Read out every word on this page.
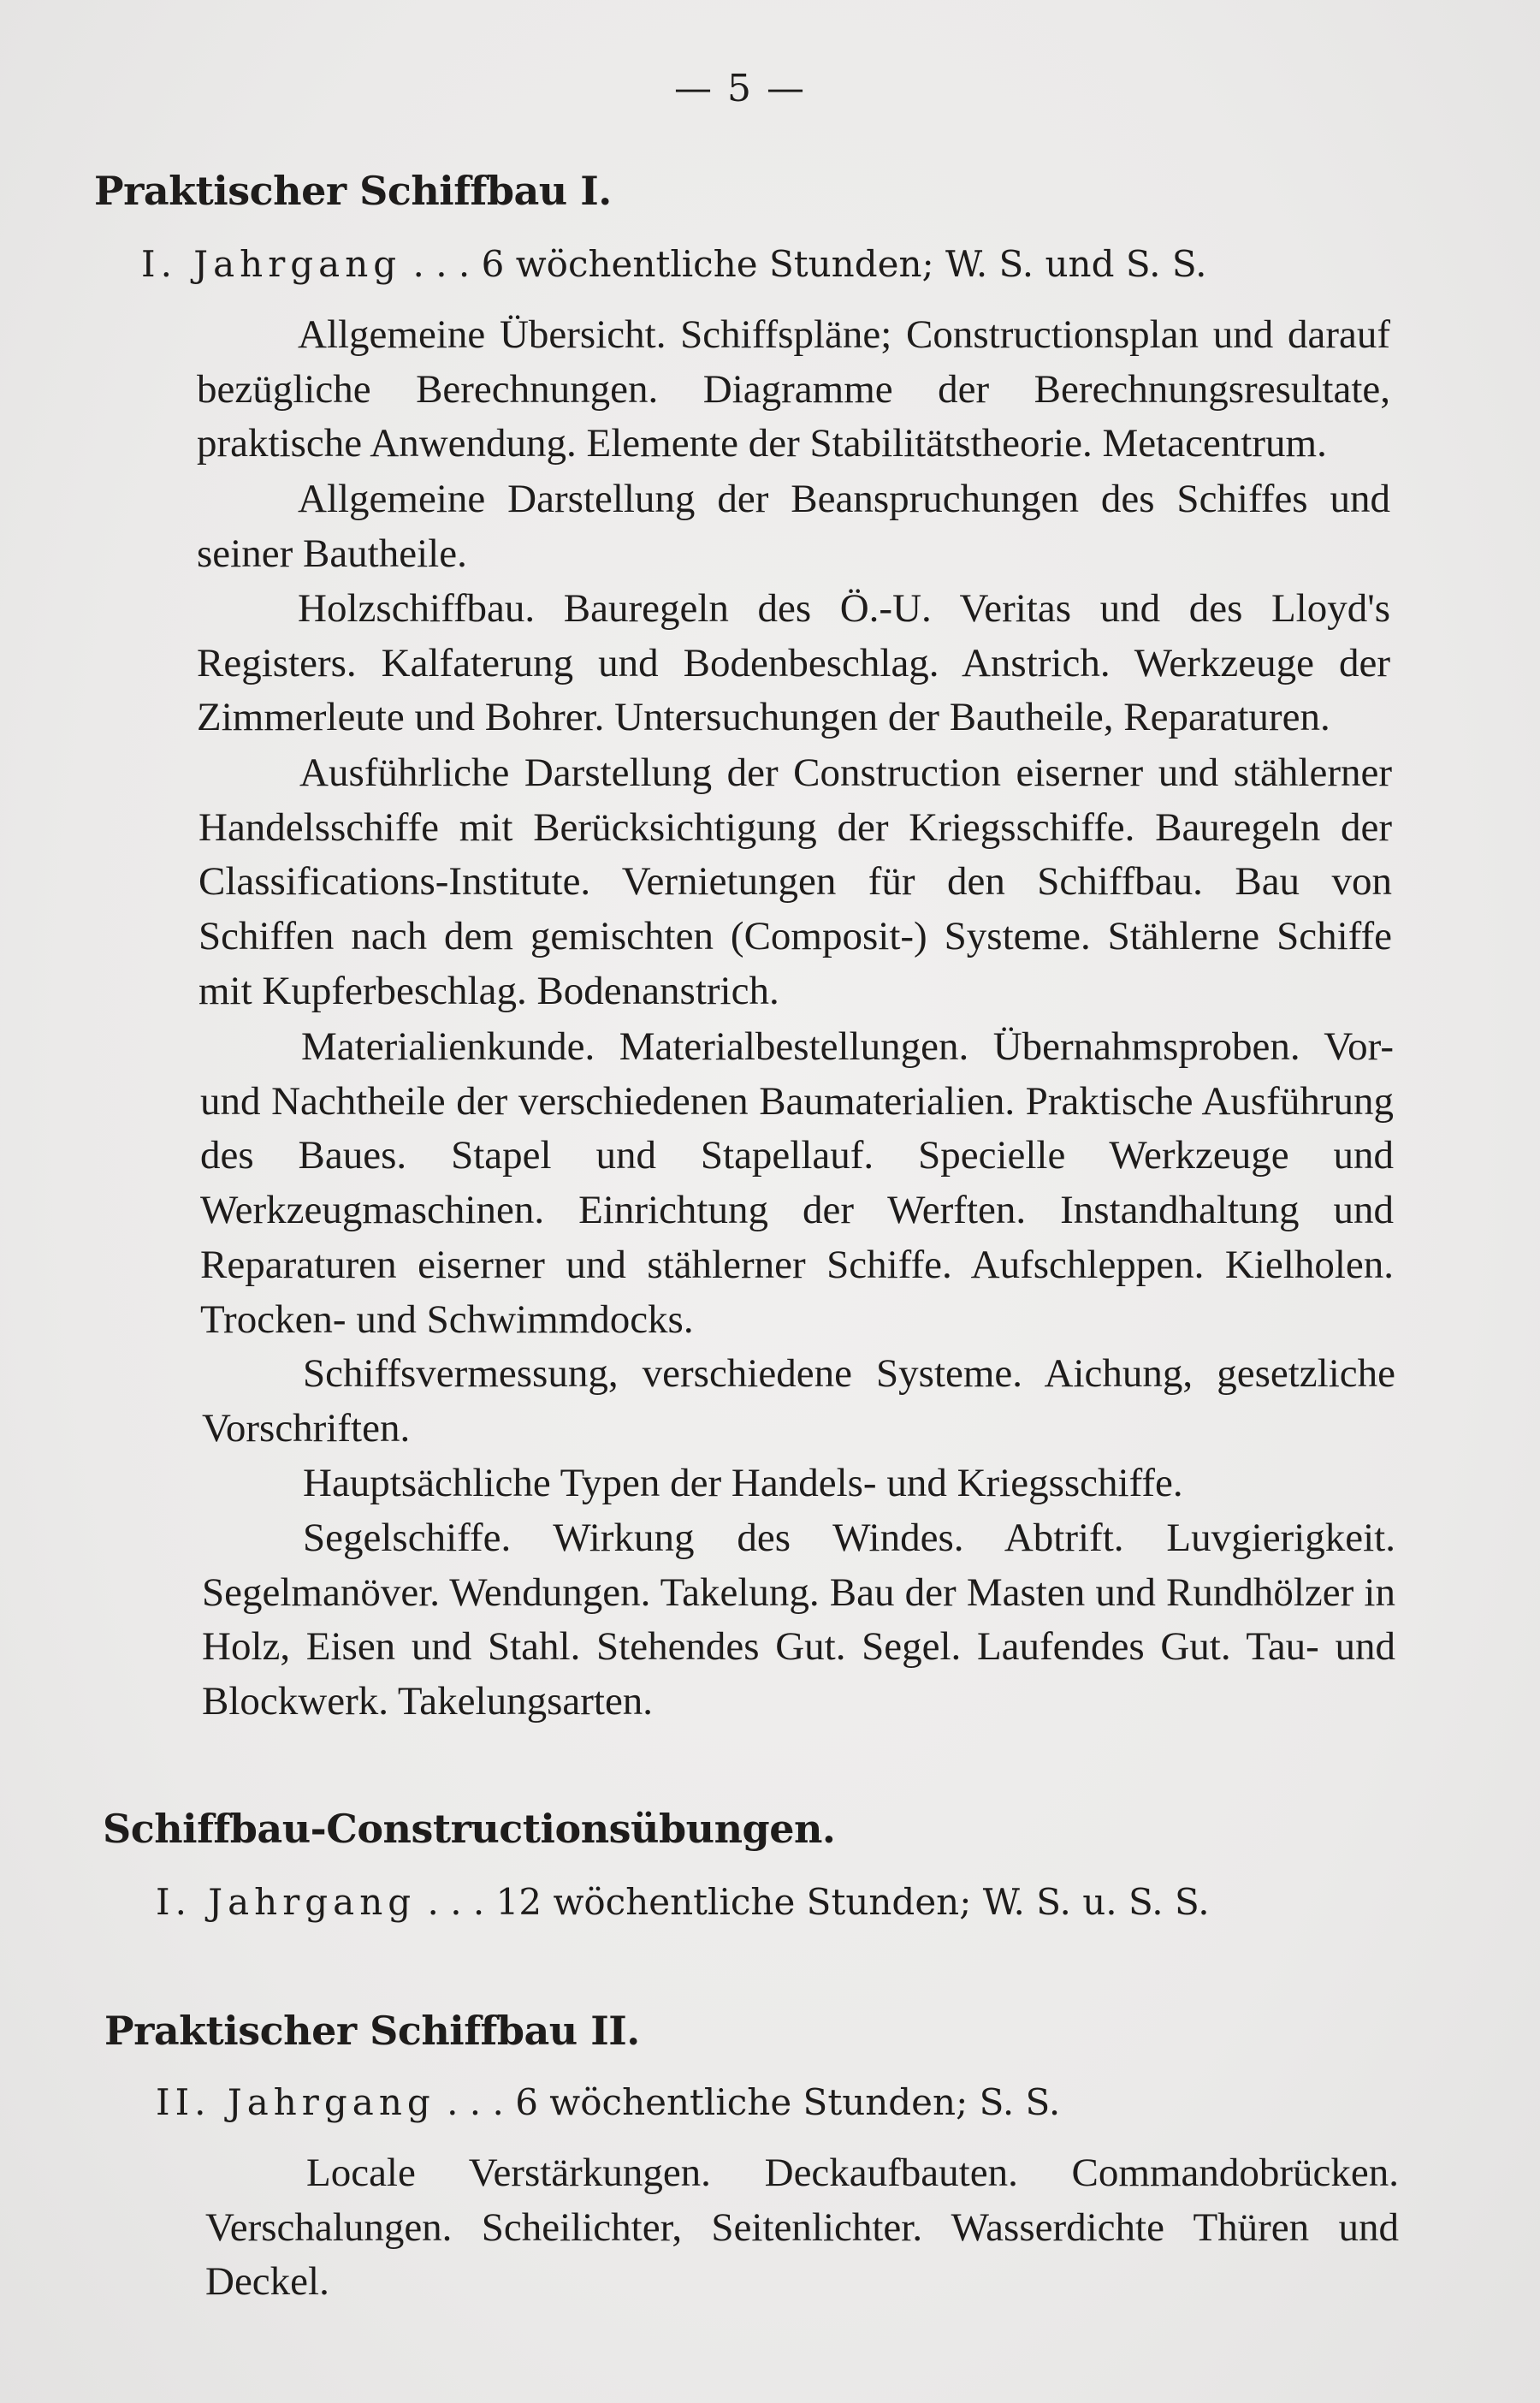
— 5 —
Praktischer Schiffbau I.
I. Jahrgang . . . 6 wöchentliche Stunden; W. S. und S. S.

Allgemeine Übersicht. Schiffspläne; Constructionsplan und darauf bezügliche Berechnungen. Diagramme der Berechnungsresultate, praktische Anwendung. Elemente der Stabilitätstheorie. Metacentrum.

Allgemeine Darstellung der Beanspruchungen des Schiffes und seiner Bautheile.

Holzschiffbau. Bauregeln des Ö.-U. Veritas und des Lloyd's Registers. Kalfaterung und Bodenbeschlag. Anstrich. Werkzeuge der Zimmerleute und Bohrer. Untersuchungen der Bautheile, Reparaturen.

Ausführliche Darstellung der Construction eiserner und stählerner Handelsschiffe mit Berücksichtigung der Kriegsschiffe. Bauregeln der Classifications-Institute. Vernietungen für den Schiffbau. Bau von Schiffen nach dem gemischten (Composit-) Systeme. Stählerne Schiffe mit Kupferbeschlag. Bodenanstrich.

Materialienkunde. Materialbestellungen. Übernahmsproben. Vor- und Nachtheile der verschiedenen Baumaterialien. Praktische Ausführung des Baues. Stapel und Stapellauf. Specielle Werkzeuge und Werkzeugmaschinen. Einrichtung der Werften. Instandhaltung und Reparaturen eiserner und stählerner Schiffe. Aufschleppen. Kielholen. Trocken- und Schwimmdocks.

Schiffsvermessung, verschiedene Systeme. Aichung, gesetzliche Vorschriften.

Hauptsächliche Typen der Handels- und Kriegsschiffe.

Segelschiffe. Wirkung des Windes. Abtrift. Luvgierigkeit. Segelmanöver. Wendungen. Takelung. Bau der Masten und Rundhölzer in Holz, Eisen und Stahl. Stehendes Gut. Segel. Laufendes Gut. Tau- und Blockwerk. Takelungsarten.

Schiffbau-Constructionsübungen.
I. Jahrgang . . . 12 wöchentliche Stunden; W. S. u. S. S.
Praktischer Schiffbau II.
II. Jahrgang . . . 6 wöchentliche Stunden; S. S.

Locale Verstärkungen. Deckaufbauten. Commandobrücken. Verschalungen. Scheilichter, Seitenlichter. Wasserdichte Thüren und Deckel.
